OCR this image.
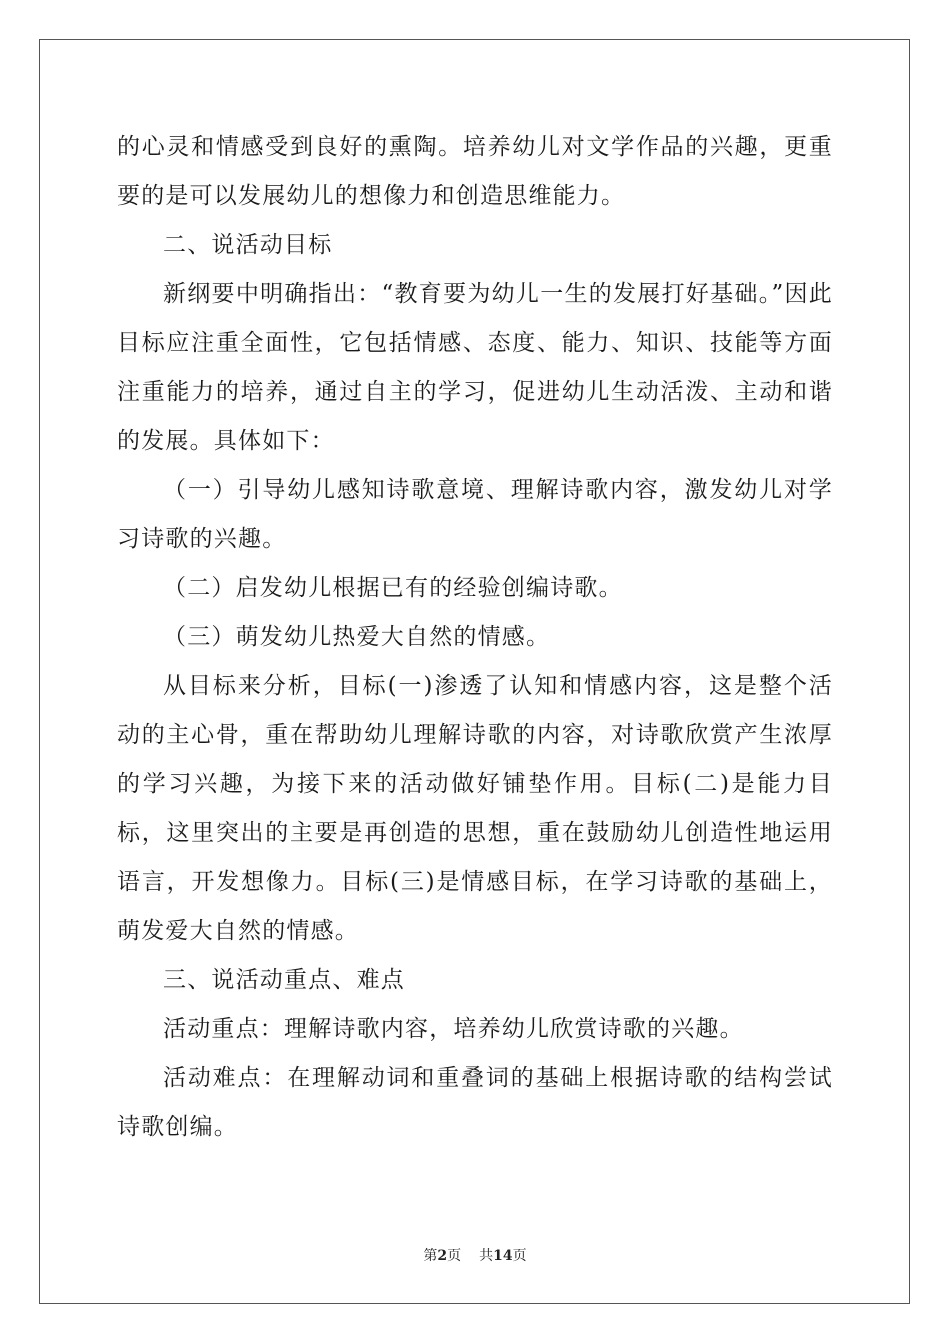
的心灵和情感受到良好的熏陶。培养幼儿对文学作品的兴趣，更重要的是可以发展幼儿的想像力和创造思维能力。

二、说活动目标

新纲要中明确指出：“教育要为幼儿一生的发展打好基础。”因此目标应注重全面性，它包括情感、态度、能力、知识、技能等方面注重能力的培养，通过自主的学习，促进幼儿生动活泼、主动和谐的发展。具体如下：

（一）引导幼儿感知诗歌意境、理解诗歌内容，激发幼儿对学习诗歌的兴趣。

（二）启发幼儿根据已有的经验创编诗歌。

（三）萌发幼儿热爱大自然的情感。

从目标来分析，目标(一)渗透了认知和情感内容，这是整个活动的主心骨，重在帮助幼儿理解诗歌的内容，对诗歌欣赏产生浓厚的学习兴趣，为接下来的活动做好铺垫作用。目标(二)是能力目标，这里突出的主要是再创造的思想，重在鼓励幼儿创造性地运用语言，开发想像力。目标(三)是情感目标，在学习诗歌的基础上，萌发爱大自然的情感。

三、说活动重点、难点

活动重点：理解诗歌内容，培养幼儿欣赏诗歌的兴趣。

活动难点：在理解动词和重叠词的基础上根据诗歌的结构尝试诗歌创编。

第2页 共14页
